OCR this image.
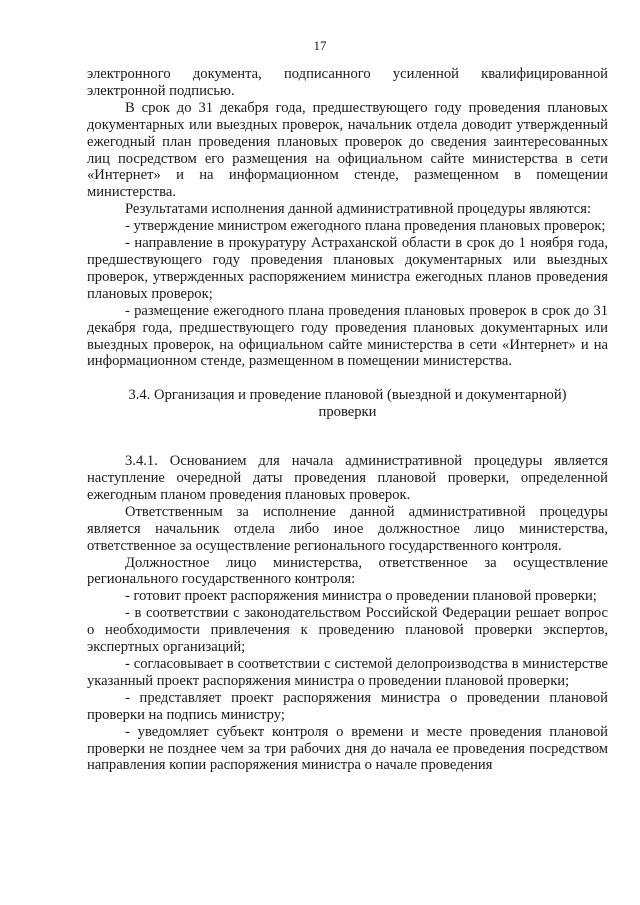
17

электронного документа, подписанного усиленной квалифицированной электронной подписью.

В срок до 31 декабря года, предшествующего году проведения плановых документарных или выездных проверок, начальник отдела доводит утвержденный ежегодный план проведения плановых проверок до сведения заинтересованных лиц посредством его размещения на официальном сайте министерства в сети «Интернет» и на информационном стенде, размещенном в помещении министерства.

Результатами исполнения данной административной процедуры являются:

- утверждение министром ежегодного плана проведения плановых проверок;

- направление в прокуратуру Астраханской области в срок до 1 ноября года, предшествующего году проведения плановых документарных или выездных проверок, утвержденных распоряжением министра ежегодных планов проведения плановых проверок;

- размещение ежегодного плана проведения плановых проверок в срок до 31 декабря года, предшествующего году проведения плановых документарных или выездных проверок, на официальном сайте министерства в сети «Интернет» и на информационном стенде, размещенном в помещении министерства.

3.4. Организация и проведение плановой (выездной и документарной) проверки

3.4.1. Основанием для начала административной процедуры является наступление очередной даты проведения плановой проверки, определенной ежегодным планом проведения плановых проверок.

Ответственным за исполнение данной административной процедуры является начальник отдела либо иное должностное лицо министерства, ответственное за осуществление регионального государственного контроля.

Должностное лицо министерства, ответственное за осуществление регионального государственного контроля:

- готовит проект распоряжения министра о проведении плановой проверки;

- в соответствии с законодательством Российской Федерации решает вопрос о необходимости привлечения к проведению плановой проверки экспертов, экспертных организаций;

- согласовывает в соответствии с системой делопроизводства в министерстве указанный проект распоряжения министра о проведении плановой проверки;

- представляет проект распоряжения министра о проведении плановой проверки на подпись министру;

- уведомляет субъект контроля о времени и месте проведения плановой проверки не позднее чем за три рабочих дня до начала ее проведения посредством направления копии распоряжения министра о начале проведения
